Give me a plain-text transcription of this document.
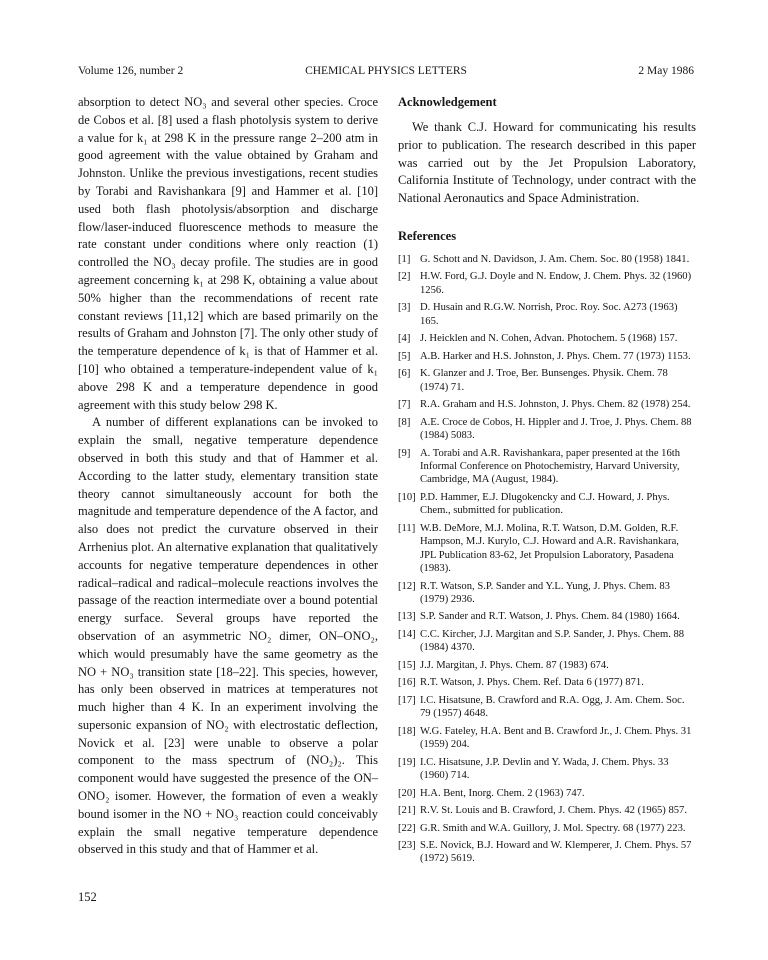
Volume 126, number 2	CHEMICAL PHYSICS LETTERS	2 May 1986

absorption to detect NO₃ and several other species. Croce de Cobos et al. [8] used a flash photolysis system to derive a value for k₁ at 298 K in the pressure range 2–200 atm in good agreement with the value obtained by Graham and Johnston. Unlike the previous investigations, recent studies by Torabi and Ravishankara [9] and Hammer et al. [10] used both flash photolysis/absorption and discharge flow/laser-induced fluorescence methods to measure the rate constant under conditions where only reaction (1) controlled the NO₃ decay profile. The studies are in good agreement concerning k₁ at 298 K, obtaining a value about 50% higher than the recommendations of recent rate constant reviews [11,12] which are based primarily on the results of Graham and Johnston [7]. The only other study of the temperature dependence of k₁ is that of Hammer et al. [10] who obtained a temperature-independent value of k₁ above 298 K and a temperature dependence in good agreement with this study below 298 K.

A number of different explanations can be invoked to explain the small, negative temperature dependence observed in both this study and that of Hammer et al. According to the latter study, elementary transition state theory cannot simultaneously account for both the magnitude and temperature dependence of the A factor, and also does not predict the curvature observed in their Arrhenius plot. An alternative explanation that qualitatively accounts for negative temperature dependences in other radical–radical and radical–molecule reactions involves the passage of the reaction intermediate over a bound potential energy surface. Several groups have reported the observation of an asymmetric NO₂ dimer, ON–ONO₂, which would presumably have the same geometry as the NO + NO₃ transition state [18–22]. This species, however, has only been observed in matrices at temperatures not much higher than 4 K. In an experiment involving the supersonic expansion of NO₂ with electrostatic deflection, Novick et al. [23] were unable to observe a polar component to the mass spectrum of (NO₂)₂. This component would have suggested the presence of the ON–ONO₂ isomer. However, the formation of even a weakly bound isomer in the NO + NO₃ reaction could conceivably explain the small negative temperature dependence observed in this study and that of Hammer et al.

Acknowledgement

We thank C.J. Howard for communicating his results prior to publication. The research described in this paper was carried out by the Jet Propulsion Laboratory, California Institute of Technology, under contract with the National Aeronautics and Space Administration.

References
[1] G. Schott and N. Davidson, J. Am. Chem. Soc. 80 (1958) 1841.
[2] H.W. Ford, G.J. Doyle and N. Endow, J. Chem. Phys. 32 (1960) 1256.
[3] D. Husain and R.G.W. Norrish, Proc. Roy. Soc. A273 (1963) 165.
[4] J. Heicklen and N. Cohen, Advan. Photochem. 5 (1968) 157.
[5] A.B. Harker and H.S. Johnston, J. Phys. Chem. 77 (1973) 1153.
[6] K. Glanzer and J. Troe, Ber. Bunsenges. Physik. Chem. 78 (1974) 71.
[7] R.A. Graham and H.S. Johnston, J. Phys. Chem. 82 (1978) 254.
[8] A.E. Croce de Cobos, H. Hippler and J. Troe, J. Phys. Chem. 88 (1984) 5083.
[9] A. Torabi and A.R. Ravishankara, paper presented at the 16th Informal Conference on Photochemistry, Harvard University, Cambridge, MA (August, 1984).
[10] P.D. Hammer, E.J. Dlugokencky and C.J. Howard, J. Phys. Chem., submitted for publication.
[11] W.B. DeMore, M.J. Molina, R.T. Watson, D.M. Golden, R.F. Hampson, M.J. Kurylo, C.J. Howard and A.R. Ravishankara, JPL Publication 83-62, Jet Propulsion Laboratory, Pasadena (1983).
[12] R.T. Watson, S.P. Sander and Y.L. Yung, J. Phys. Chem. 83 (1979) 2936.
[13] S.P. Sander and R.T. Watson, J. Phys. Chem. 84 (1980) 1664.
[14] C.C. Kircher, J.J. Margitan and S.P. Sander, J. Phys. Chem. 88 (1984) 4370.
[15] J.J. Margitan, J. Phys. Chem. 87 (1983) 674.
[16] R.T. Watson, J. Phys. Chem. Ref. Data 6 (1977) 871.
[17] I.C. Hisatsune, B. Crawford and R.A. Ogg, J. Am. Chem. Soc. 79 (1957) 4648.
[18] W.G. Fateley, H.A. Bent and B. Crawford Jr., J. Chem. Phys. 31 (1959) 204.
[19] I.C. Hisatsune, J.P. Devlin and Y. Wada, J. Chem. Phys. 33 (1960) 714.
[20] H.A. Bent, Inorg. Chem. 2 (1963) 747.
[21] R.V. St. Louis and B. Crawford, J. Chem. Phys. 42 (1965) 857.
[22] G.R. Smith and W.A. Guillory, J. Mol. Spectry. 68 (1977) 223.
[23] S.E. Novick, B.J. Howard and W. Klemperer, J. Chem. Phys. 57 (1972) 5619.
152
